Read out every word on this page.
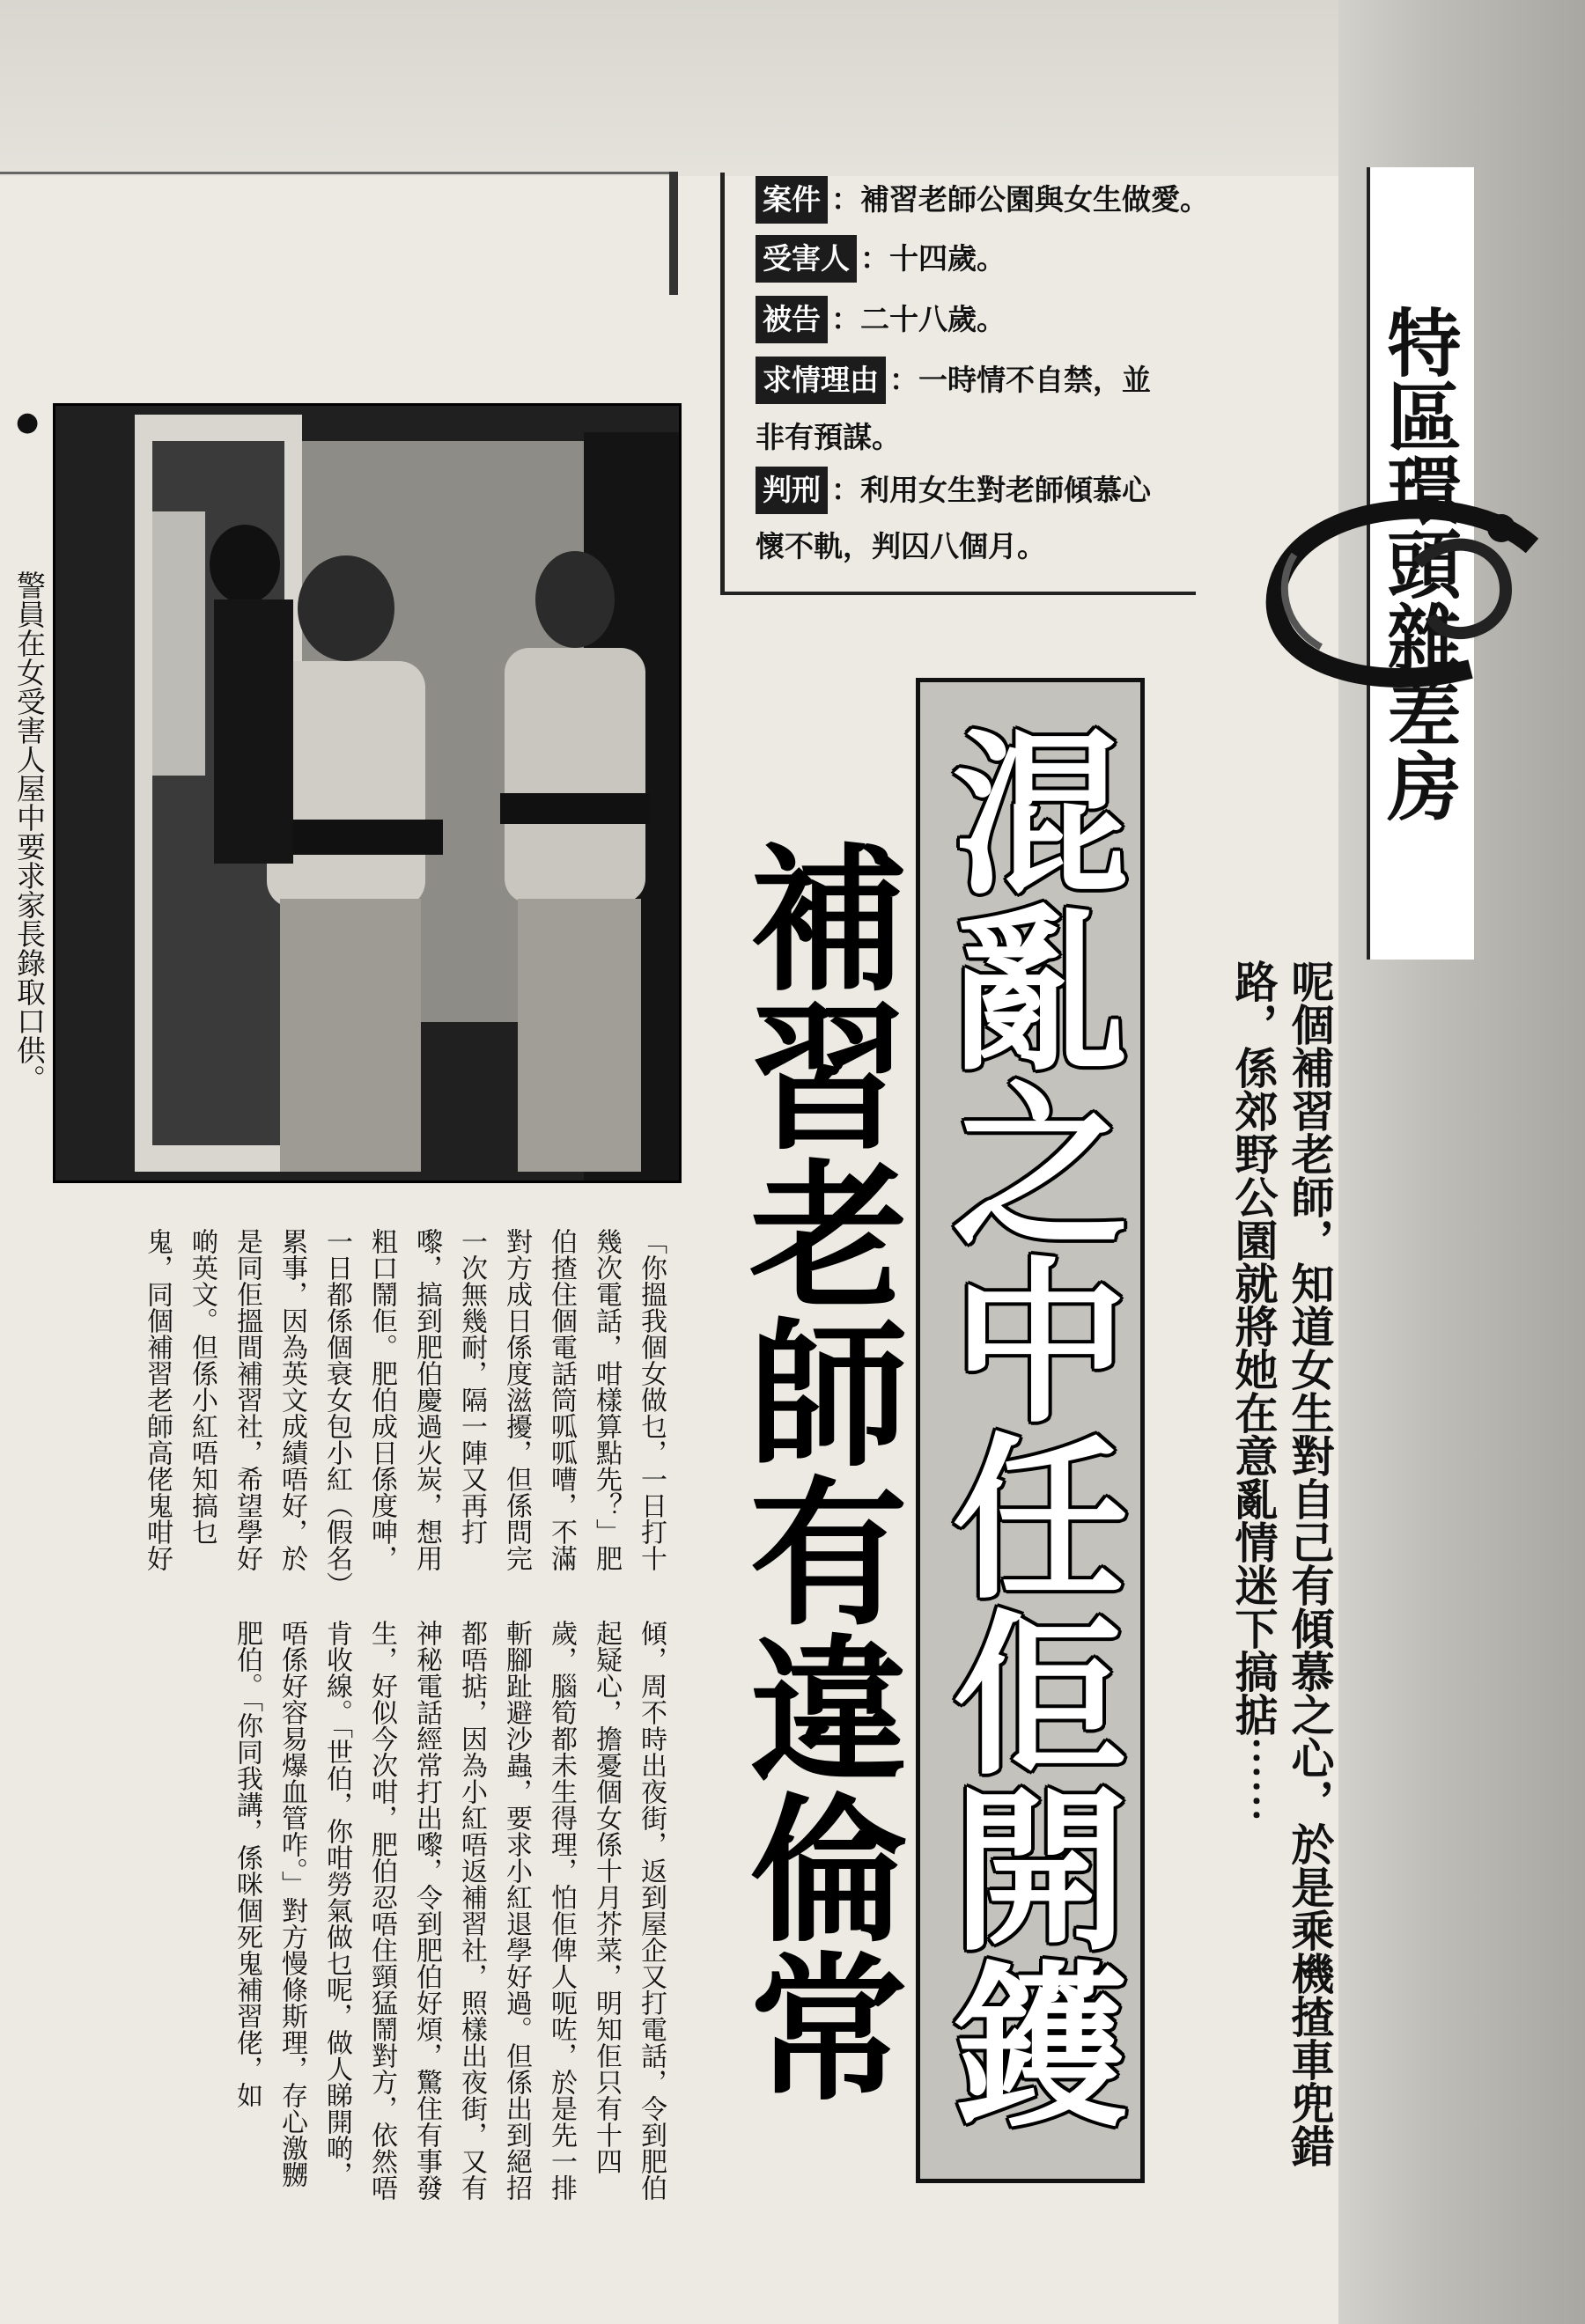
特區環頭雜差房
案件 ：補習老師公園與女生做愛。
受害人 ：十四歲。
被告 ：二十八歲。
求情理由 ：一時情不自禁，並
非有預謀。
判刑 ：利用女生對老師傾慕心
懷不軌，判囚八個月。
混亂之中任佢開鑊
補習老師有違倫常	呢個補習老師，知道女生對自己有傾慕之心，於是乘機揸車兜錯路，係郊野公園就將她在意亂情迷下搞掂⋯⋯
●
警員在女受害人屋中要求家長錄取口供。
「你搵我個女做乜，一日打十幾次電話，咁樣算點先？」肥伯揸住個電話筒呱呱嘈，不滿對方成日係度滋擾，但係問完一次無幾耐，隔一陣又再打嚟，搞到肥伯慶過火炭，想用粗口鬧佢。肥伯成日係度呻，一日都係個衰女包小紅（假名）累事，因為英文成績唔好，於是同佢搵間補習社，希望學好啲英文。但係小紅唔知搞乜鬼，同個補習老師高佬鬼咁好
傾，周不時出夜街，返到屋企又打電話，令到肥伯起疑心，擔憂個女係十月芥菜，明知佢只有十四歲，腦筍都未生得理，怕佢俾人呃咗，於是先一排斬腳趾避沙蟲，要求小紅退學好過。但係出到絕招都唔掂，因為小紅唔返補習社，照樣出夜街，又有神秘電話經常打出嚟，令到肥伯好煩，驚住有事發生，好似今次咁，肥伯忍唔住頸猛鬧對方，依然唔肯收線。「世伯，你咁勞氣做乜呢，做人睇開啲，唔係好容易爆血管咋。」對方慢條斯理，存心激嬲肥伯。「你同我講，係咪個死鬼補習佬，如
